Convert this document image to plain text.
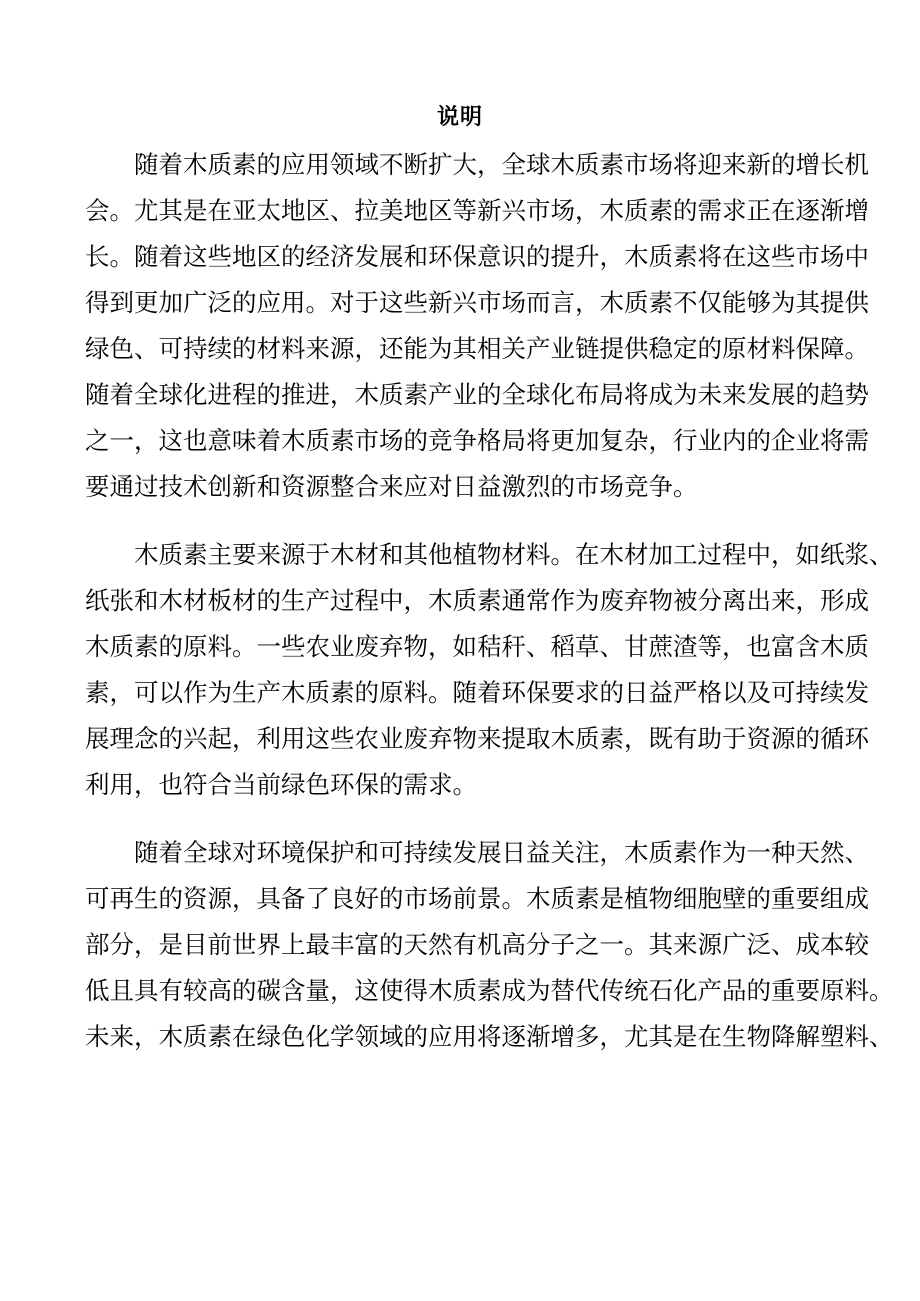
说明
随着木质素的应用领域不断扩大，全球木质素市场将迎来新的增长机
会。尤其是在亚太地区、拉美地区等新兴市场，木质素的需求正在逐渐增
长。随着这些地区的经济发展和环保意识的提升，木质素将在这些市场中
得到更加广泛的应用。对于这些新兴市场而言，木质素不仅能够为其提供
绿色、可持续的材料来源，还能为其相关产业链提供稳定的原材料保障。
随着全球化进程的推进，木质素产业的全球化布局将成为未来发展的趋势
之一，这也意味着木质素市场的竞争格局将更加复杂，行业内的企业将需
要通过技术创新和资源整合来应对日益激烈的市场竞争。
木质素主要来源于木材和其他植物材料。在木材加工过程中，如纸浆、
纸张和木材板材的生产过程中，木质素通常作为废弃物被分离出来，形成
木质素的原料。一些农业废弃物，如秸秆、稻草、甘蔗渣等，也富含木质
素，可以作为生产木质素的原料。随着环保要求的日益严格以及可持续发
展理念的兴起，利用这些农业废弃物来提取木质素，既有助于资源的循环
利用，也符合当前绿色环保的需求。
随着全球对环境保护和可持续发展日益关注，木质素作为一种天然、
可再生的资源，具备了良好的市场前景。木质素是植物细胞壁的重要组成
部分，是目前世界上最丰富的天然有机高分子之一。其来源广泛、成本较
低且具有较高的碳含量，这使得木质素成为替代传统石化产品的重要原料。
未来，木质素在绿色化学领域的应用将逐渐增多，尤其是在生物降解塑料、
